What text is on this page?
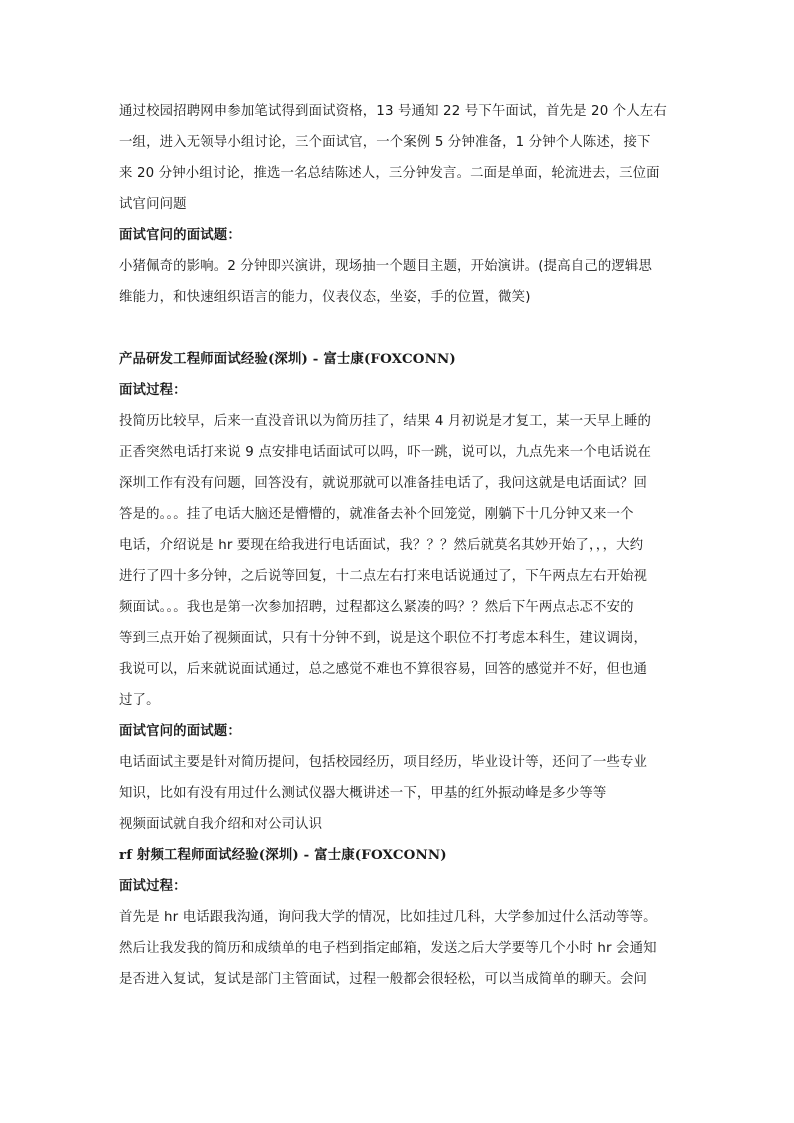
通过校园招聘网申参加笔试得到面试资格，13 号通知 22 号下午面试，首先是 20 个人左右

一组，进入无领导小组讨论，三个面试官，一个案例 5 分钟准备，1 分钟个人陈述，接下

来 20 分钟小组讨论，推选一名总结陈述人，三分钟发言。二面是单面，轮流进去，三位面

试官问问题

面试官问的面试题：

小猪佩奇的影响。2 分钟即兴演讲，现场抽一个题目主题，开始演讲。(提高自己的逻辑思

维能力，和快速组织语言的能力，仪表仪态，坐姿，手的位置，微笑)

产品研发工程师面试经验(深圳) - 富士康(FOXCONN)

面试过程：

投简历比较早，后来一直没音讯以为简历挂了，结果 4 月初说是才复工，某一天早上睡的

正香突然电话打来说 9 点安排电话面试可以吗，吓一跳，说可以，九点先来一个电话说在

深圳工作有没有问题，回答没有，就说那就可以准备挂电话了，我问这就是电话面试？回

答是的。。。挂了电话大脑还是懵懵的，就准备去补个回笼觉，刚躺下十几分钟又来一个

电话，介绍说是 hr 要现在给我进行电话面试，我？？？然后就莫名其妙开始了，，，大约

进行了四十多分钟，之后说等回复，十二点左右打来电话说通过了，下午两点左右开始视

频面试。。。我也是第一次参加招聘，过程都这么紧凑的吗？？然后下午两点忐忑不安的

等到三点开始了视频面试，只有十分钟不到，说是这个职位不打考虑本科生，建议调岗，

我说可以，后来就说面试通过，总之感觉不难也不算很容易，回答的感觉并不好，但也通

过了。

面试官问的面试题：

电话面试主要是针对简历提问，包括校园经历，项目经历，毕业设计等，还问了一些专业

知识，比如有没有用过什么测试仪器大概讲述一下，甲基的红外振动峰是多少等等

视频面试就自我介绍和对公司认识

rf 射频工程师面试经验(深圳) - 富士康(FOXCONN)

面试过程：

首先是 hr 电话跟我沟通，询问我大学的情况，比如挂过几科，大学参加过什么活动等等。

然后让我发我的简历和成绩单的电子档到指定邮箱，发送之后大学要等几个小时 hr 会通知

是否进入复试，复试是部门主管面试，过程一般都会很轻松，可以当成简单的聊天。会问
